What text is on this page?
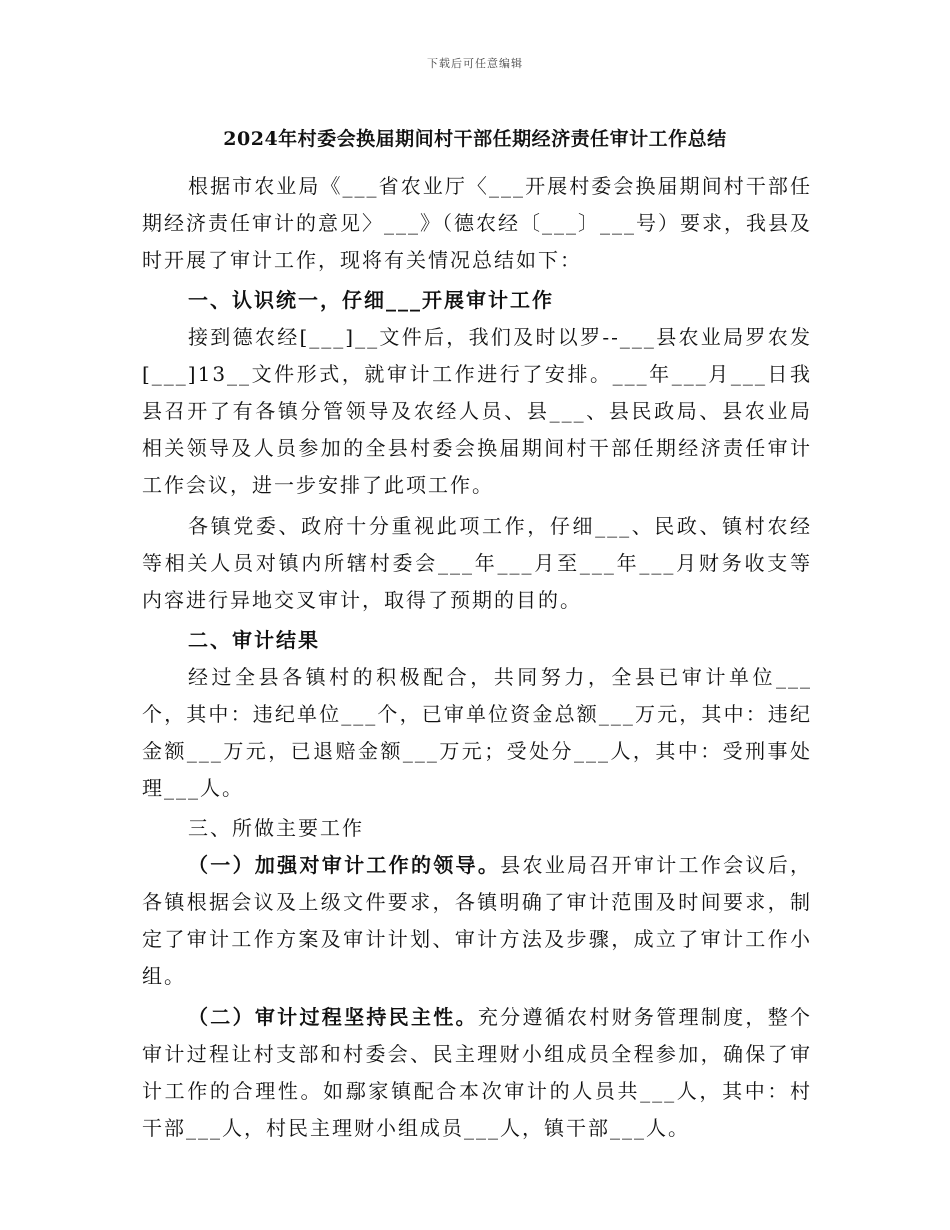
下载后可任意编辑
2024年村委会换届期间村干部任期经济责任审计工作总结

根据市农业局《___省农业厅〈___开展村委会换届期间村干部任期经济责任审计的意见〉___》（德农经〔___〕___号）要求，我县及时开展了审计工作，现将有关情况总结如下：

一、认识统一，仔细___开展审计工作

接到德农经[___]__文件后，我们及时以罗--___县农业局罗农发[___]13__文件形式，就审计工作进行了安排。___年___月___日我县召开了有各镇分管领导及农经人员、县___、县民政局、县农业局相关领导及人员参加的全县村委会换届期间村干部任期经济责任审计工作会议，进一步安排了此项工作。

各镇党委、政府十分重视此项工作，仔细___、民政、镇村农经等相关人员对镇内所辖村委会___年___月至___年___月财务收支等内容进行异地交叉审计，取得了预期的目的。

二、审计结果

经过全县各镇村的积极配合，共同努力，全县已审计单位___个，其中：违纪单位___个，已审单位资金总额___万元，其中：违纪金额___万元，已退赔金额___万元；受处分___人，其中：受刑事处理___人。

三、所做主要工作

（一）加强对审计工作的领导。县农业局召开审计工作会议后，各镇根据会议及上级文件要求，各镇明确了审计范围及时间要求，制定了审计工作方案及审计计划、审计方法及步骤，成立了审计工作小组。

（二）审计过程坚持民主性。充分遵循农村财务管理制度，整个审计过程让村支部和村委会、民主理财小组成员全程参加，确保了审计工作的合理性。如鄢家镇配合本次审计的人员共___人，其中：村干部___人，村民主理财小组成员___人，镇干部___人。
